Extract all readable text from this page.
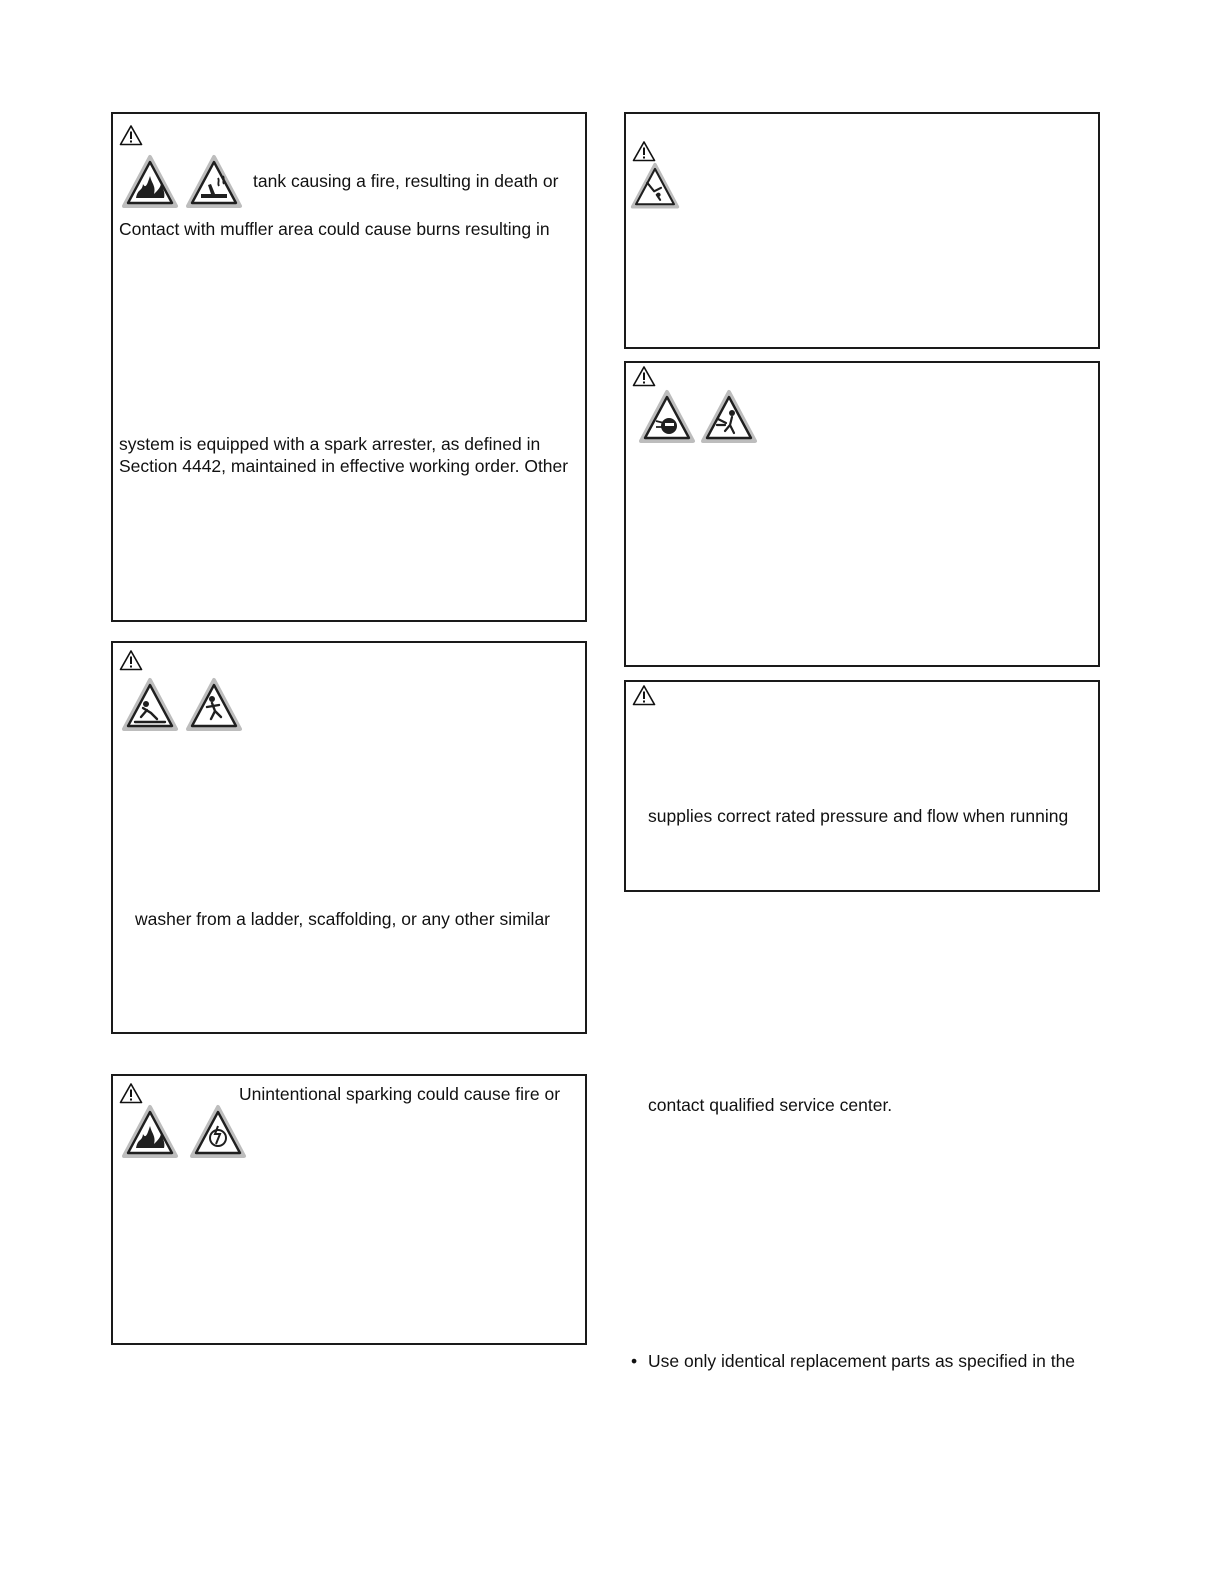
tank causing a fire, resulting in death or
Contact with muffler area could cause burns resulting in
system is equipped with a spark arrester, as defined in
Section 4442, maintained in effective working order. Other
washer from a ladder, scaffolding, or any other similar
Unintentional sparking could cause fire or
supplies correct rated pressure and flow when running
contact qualified service center.
• Use only identical replacement parts as specified in the
